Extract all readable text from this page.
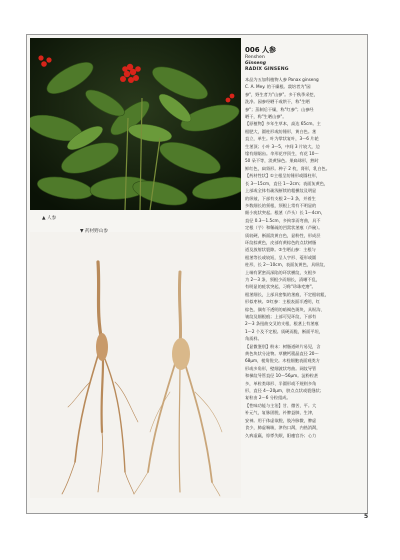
▲ 人参
▼ 药材野山参
006 人参
Renshen
Ginseng
RADIX GINSENG

本品为五加科植物人参 Panax ginseng

C. A. Mey. 的干燥根。栽培者为"园

参"，野生者为"山参"。多于秋季采挖，

洗净。园参经晒干或烘干，称"生晒

参"；蒸制后干燥，称"红参"；山参经

晒干，称"生晒山参"。

【原植物】多年生草本，高达 65cm。主

根肥大，圆柱形或纺锤形，黄白色。茎

直立，单生。叶为掌状复叶，3～6 片轮

生茎顶；小叶 3～5，中间 3 片较大，边

缘有细锯齿。伞形花序顶生，有花 10～

50 朵不等，淡黄绿色。果扁球形，熟时

鲜红色，扁肾形。种子 2 枚，肾形，乳白色。

【药材性状】①主根呈纺锤形或圆柱形，

长 3～15cm，直径 1～2cm；表面灰黄色，

上部或全体有疏浅断续的粗横纹及明显

的纵皱，下部有支根 2～3 条，并着生

多数细长的须根，须根上常有不明显的

细小疣状突起。根茎（芦头）长 1～4cm，

直径 0.3～1.5cm，多拘挛而弯曲，具不

定根（艼）和稀疏的凹窝状茎痕（芦碗）。

质较硬，断面淡黄白色，显粉性，形成层

环纹棕黄色，皮部有黄棕色的点状树脂

道及放射状裂隙。②生晒山参：主根与

根茎等长或较短，呈人字形、菱形或圆

柱形，长 2～10cm，表面灰黄色，具纵纹，

上端有紧密而深陷的环状横纹，支根多

为 2～3 条，须根少而细长，清晰不乱，

有明显的疣状突起，习称"珍珠疙瘩"。

根茎细长，上部具密集的茎痕，不定根较粗，

形似枣核。③红参：主根表面半透明，红

棕色，偶有不透明的暗褐色斑块，具纵沟、

皱纹及细根痕；上部可见环纹，下部有

2～3 条扭曲交叉的支根，根茎上有茎痕

1～2 个及不定根。质硬而脆，断面平坦，

角质样。

【显微鉴别】粉末：树脂道碎片易见，含

黄色块状分泌物。草酸钙簇晶直径 20～

68μm，棱角锐尖。木栓细胞表面观类方

形或多角形，壁细波状弯曲。网纹导管

和梯纹导管直径 10～56μm。淀粉粒甚

多，单粒类球形、半圆形或不规则多角

形，直径 4～20μm，脐点点状或裂缝状；

复粒由 2～6 分粒组成。

【性味功能与主治】甘、微苦，平。大

补元气，复脉固脱，补脾益肺，生津，

安神。用于体虚欲脱，肢冷脉微，脾虚

食少，肺虚喘咳，津伤口渴，内热消渴，

久病虚羸，惊悸失眠，阳痿宫冷；心力

5
